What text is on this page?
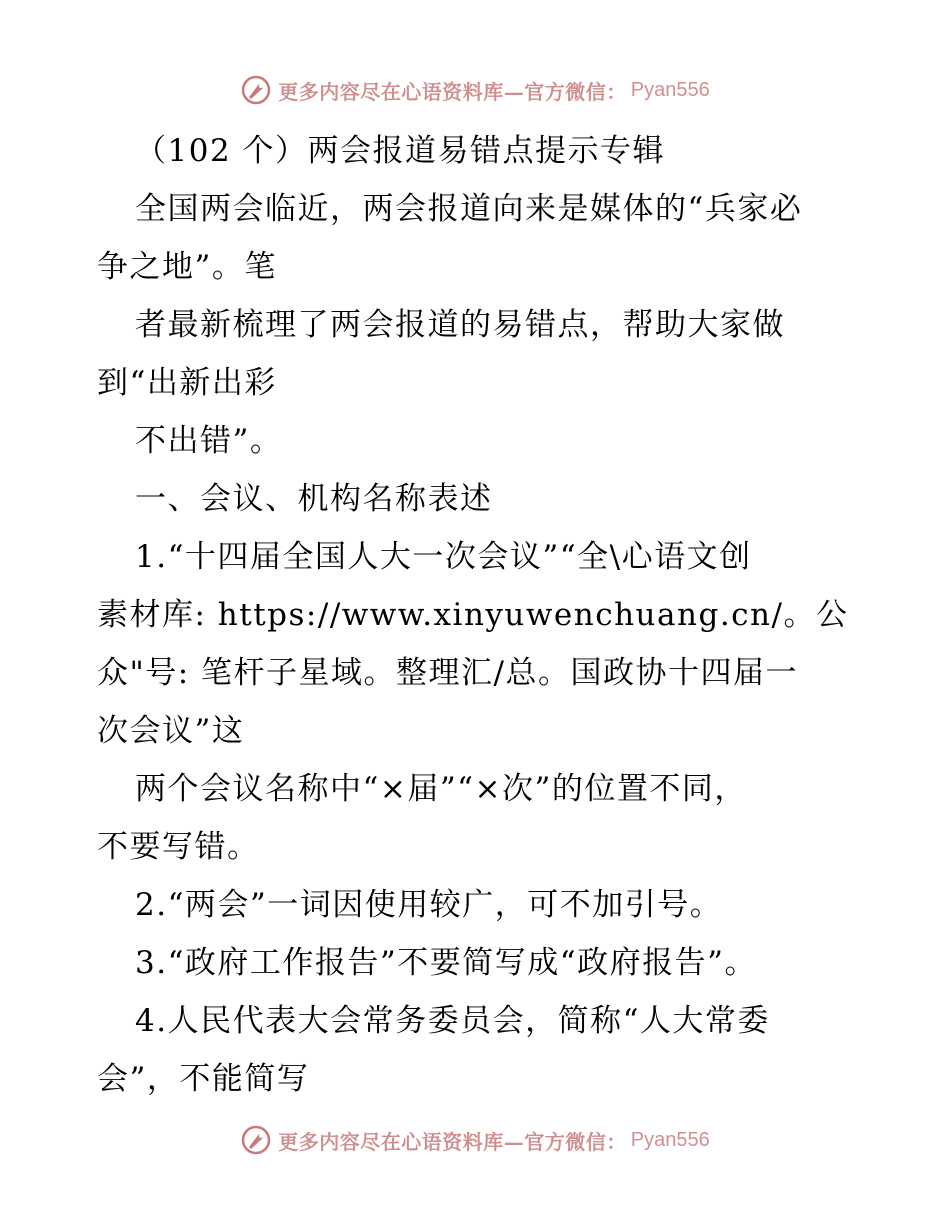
更多内容尽在心语资料库—官方微信： Pyan556
（102 个）两会报道易错点提示专辑
全国两会临近，两会报道向来是媒体的“兵家必
争之地”。笔
者最新梳理了两会报道的易错点，帮助大家做
到“出新出彩
不出错”。
一、会议、机构名称表述
1.“十四届全国人大一次会议”“全\心语文创
素材库: https://www.xinyuwenchuang.cn/。公
众"号: 笔杆子星域。整理汇/总。国政协十四届一
次会议”这
两个会议名称中“×届”“×次”的位置不同，
不要写错。
2.“两会”一词因使用较广，可不加引号。
3.“政府工作报告”不要简写成“政府报告”。
4.人民代表大会常务委员会，简称“人大常委
会”，不能简写
更多内容尽在心语资料库—官方微信： Pyan556
